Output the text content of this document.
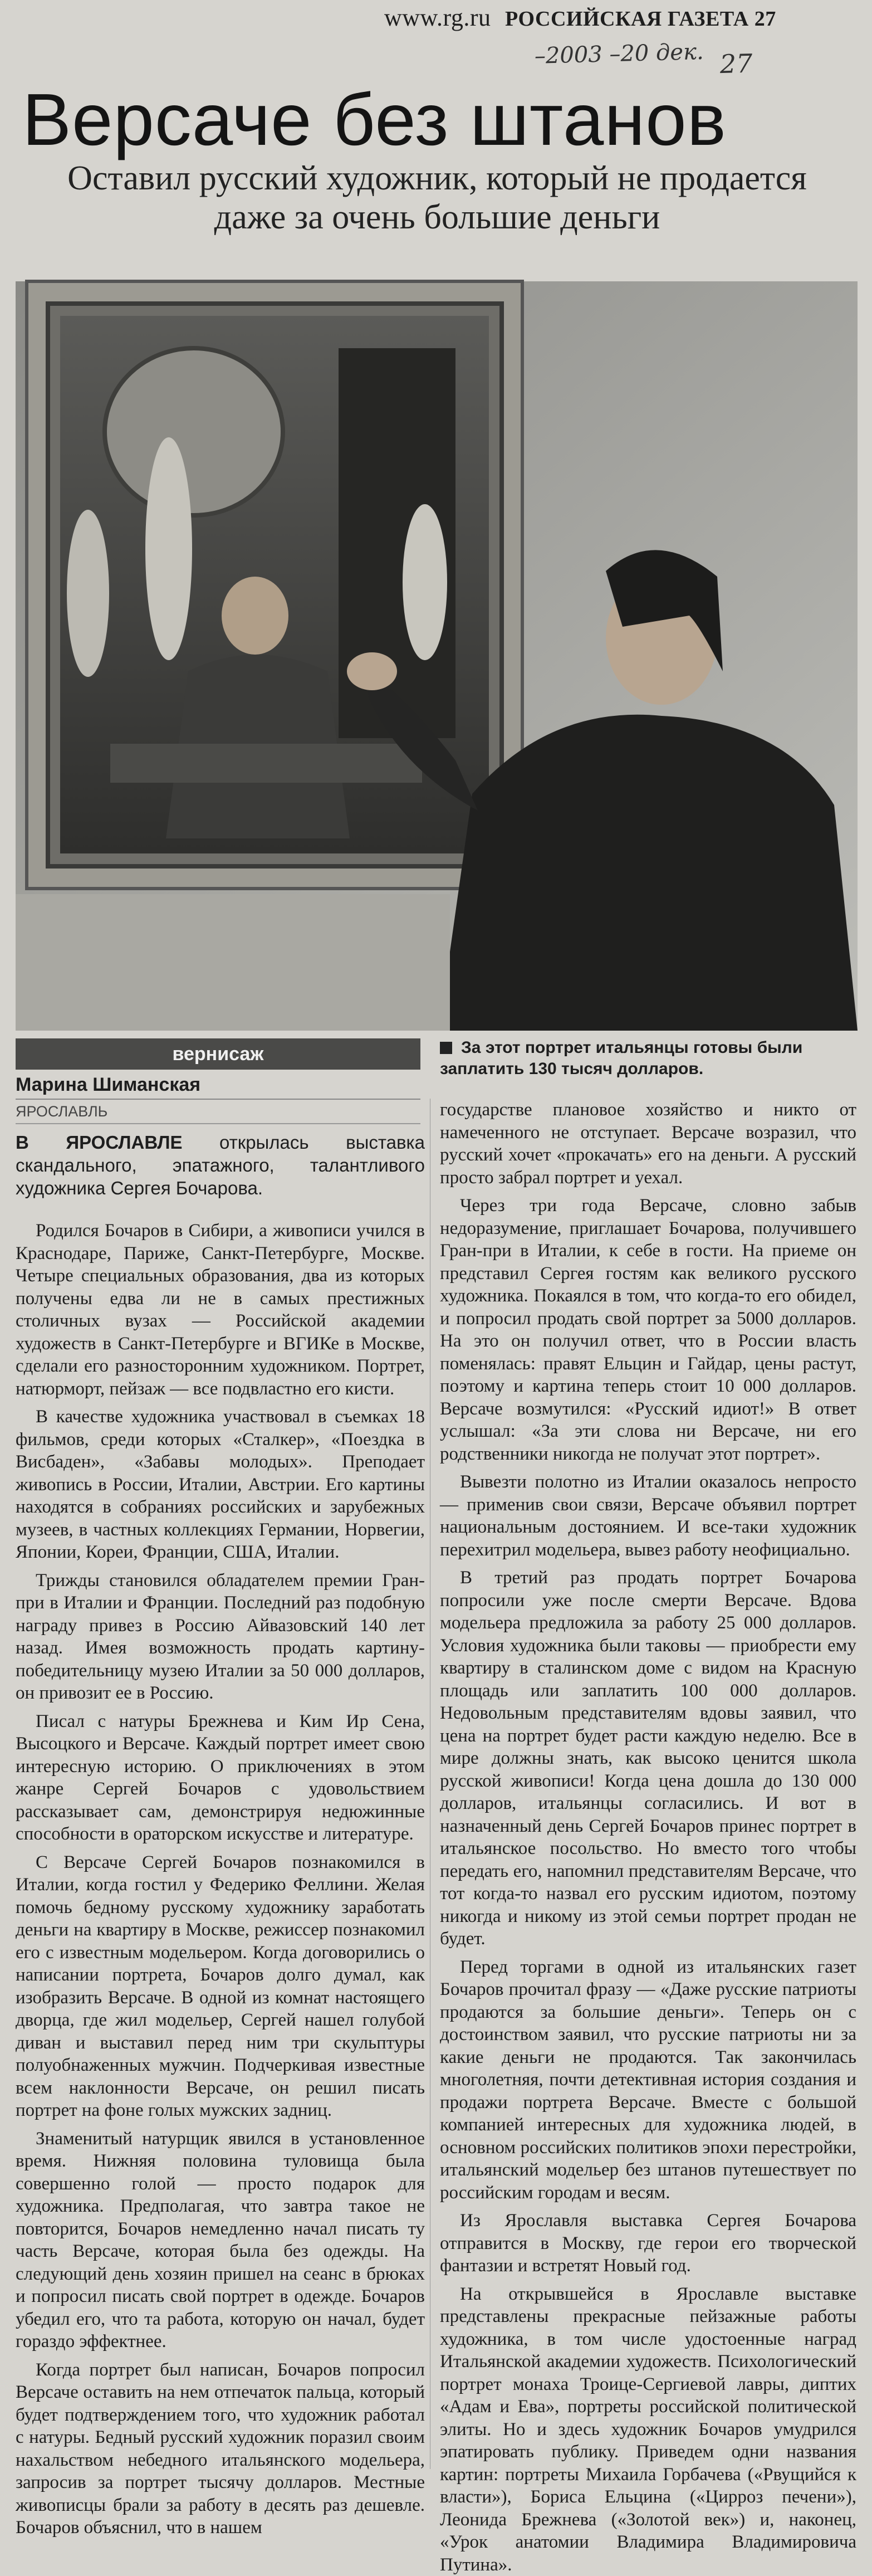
www.rg.ru РОССИЙСКАЯ ГАЗЕТА 27
–2003 –20 дек. 27
Версаче без штанов
Оставил русский художник, который не продается даже за очень большие деньги
вернисаж	За этот портрет итальянцы готовы были заплатить 130 тысяч долларов.
Марина Шиманская
ЯРОСЛАВЛЬ

В ЯРОСЛАВЛЕ открылась выставка скандального, эпатажного, талантливого художника Сергея Бочарова.

Родился Бочаров в Сибири, а живописи учился в Краснодаре, Париже, Санкт-Петербурге, Москве. Четыре специальных образования, два из которых получены едва ли не в самых престижных столичных вузах — Российской академии художеств в Санкт-Петербурге и ВГИКе в Москве, сделали его разносторонним художником. Портрет, натюрморт, пейзаж — все подвластно его кисти.

В качестве художника участвовал в съемках 18 фильмов, среди которых «Сталкер», «Поездка в Висбаден», «Забавы молодых». Преподает живопись в России, Италии, Австрии. Его картины находятся в собраниях российских и зарубежных музеев, в частных коллекциях Германии, Норвегии, Японии, Кореи, Франции, США, Италии.

Трижды становился обладателем премии Гран-при в Италии и Франции. Последний раз подобную награду привез в Россию Айвазовский 140 лет назад. Имея возможность продать картину-победительницу музею Италии за 50 000 долларов, он привозит ее в Россию.

Писал с натуры Брежнева и Ким Ир Сена, Высоцкого и Версаче. Каждый портрет имеет свою интересную историю. О приключениях в этом жанре Сергей Бочаров с удовольствием рассказывает сам, демонстрируя недюжинные способности в ораторском искусстве и литературе.

С Версаче Сергей Бочаров познакомился в Италии, когда гостил у Федерико Феллини. Желая помочь бедному русскому художнику заработать деньги на квартиру в Москве, режиссер познакомил его с известным модельером. Когда договорились о написании портрета, Бочаров долго думал, как изобразить Версаче. В одной из комнат настоящего дворца, где жил модельер, Сергей нашел голубой диван и выставил перед ним три скульптуры полуобнаженных мужчин. Подчеркивая известные всем наклонности Версаче, он решил писать портрет на фоне голых мужских задниц.

Знаменитый натурщик явился в установленное время. Нижняя половина туловища была совершенно голой — просто подарок для художника. Предполагая, что завтра такое не повторится, Бочаров немедленно начал писать ту часть Версаче, которая была без одежды. На следующий день хозяин пришел на сеанс в брюках и попросил писать свой портрет в одежде. Бочаров убедил его, что та работа, которую он начал, будет гораздо эффектнее.

Когда портрет был написан, Бочаров попросил Версаче оставить на нем отпечаток пальца, который будет подтверждением того, что художник работал с натуры. Бедный русский художник поразил своим нахальством небедного итальянского модельера, запросив за портрет тысячу долларов. Местные живописцы брали за работу в десять раз дешевле. Бочаров объяснил, что в нашем

государстве плановое хозяйство и никто от намеченного не отступает. Версаче возразил, что русский хочет «прокачать» его на деньги. А русский просто забрал портрет и уехал.

Через три года Версаче, словно забыв недоразумение, приглашает Бочарова, получившего Гран-при в Италии, к себе в гости. На приеме он представил Сергея гостям как великого русского художника. Покаялся в том, что когда-то его обидел, и попросил продать свой портрет за 5000 долларов. На это он получил ответ, что в России власть поменялась: правят Ельцин и Гайдар, цены растут, поэтому и картина теперь стоит 10 000 долларов. Версаче возмутился: «Русский идиот!» В ответ услышал: «За эти слова ни Версаче, ни его родственники никогда не получат этот портрет».

Вывезти полотно из Италии оказалось непросто — применив свои связи, Версаче объявил портрет национальным достоянием. И все-таки художник перехитрил модельера, вывез работу неофициально.

В третий раз продать портрет Бочарова попросили уже после смерти Версаче. Вдова модельера предложила за работу 25 000 долларов. Условия художника были таковы — приобрести ему квартиру в сталинском доме с видом на Красную площадь или заплатить 100 000 долларов. Недовольным представителям вдовы заявил, что цена на портрет будет расти каждую неделю. Все в мире должны знать, как высоко ценится школа русской живописи! Когда цена дошла до 130 000 долларов, итальянцы согласились. И вот в назначенный день Сергей Бочаров принес портрет в итальянское посольство. Но вместо того чтобы передать его, напомнил представителям Версаче, что тот когда-то назвал его русским идиотом, поэтому никогда и никому из этой семьи портрет продан не будет.

Перед торгами в одной из итальянских газет Бочаров прочитал фразу — «Даже русские патриоты продаются за большие деньги». Теперь он с достоинством заявил, что русские патриоты ни за какие деньги не продаются. Так закончилась многолетняя, почти детективная история создания и продажи портрета Версаче. Вместе с большой компанией интересных для художника людей, в основном российских политиков эпохи перестройки, итальянский модельер без штанов путешествует по российским городам и весям.

Из Ярославля выставка Сергея Бочарова отправится в Москву, где герои его творческой фантазии и встретят Новый год.

На открывшейся в Ярославле выставке представлены прекрасные пейзажные работы художника, в том числе удостоенные наград Итальянской академии художеств. Психологический портрет монаха Троице-Сергиевой лавры, диптих «Адам и Ева», портреты российской политической элиты. Но и здесь художник Бочаров умудрился эпатировать публику. Приведем одни названия картин: портреты Михаила Горбачева («Рвущийся к власти»), Бориса Ельцина («Цирроз печени»), Леонида Брежнева («Золотой век») и, наконец, «Урок анатомии Владимира Владимировича Путина».
